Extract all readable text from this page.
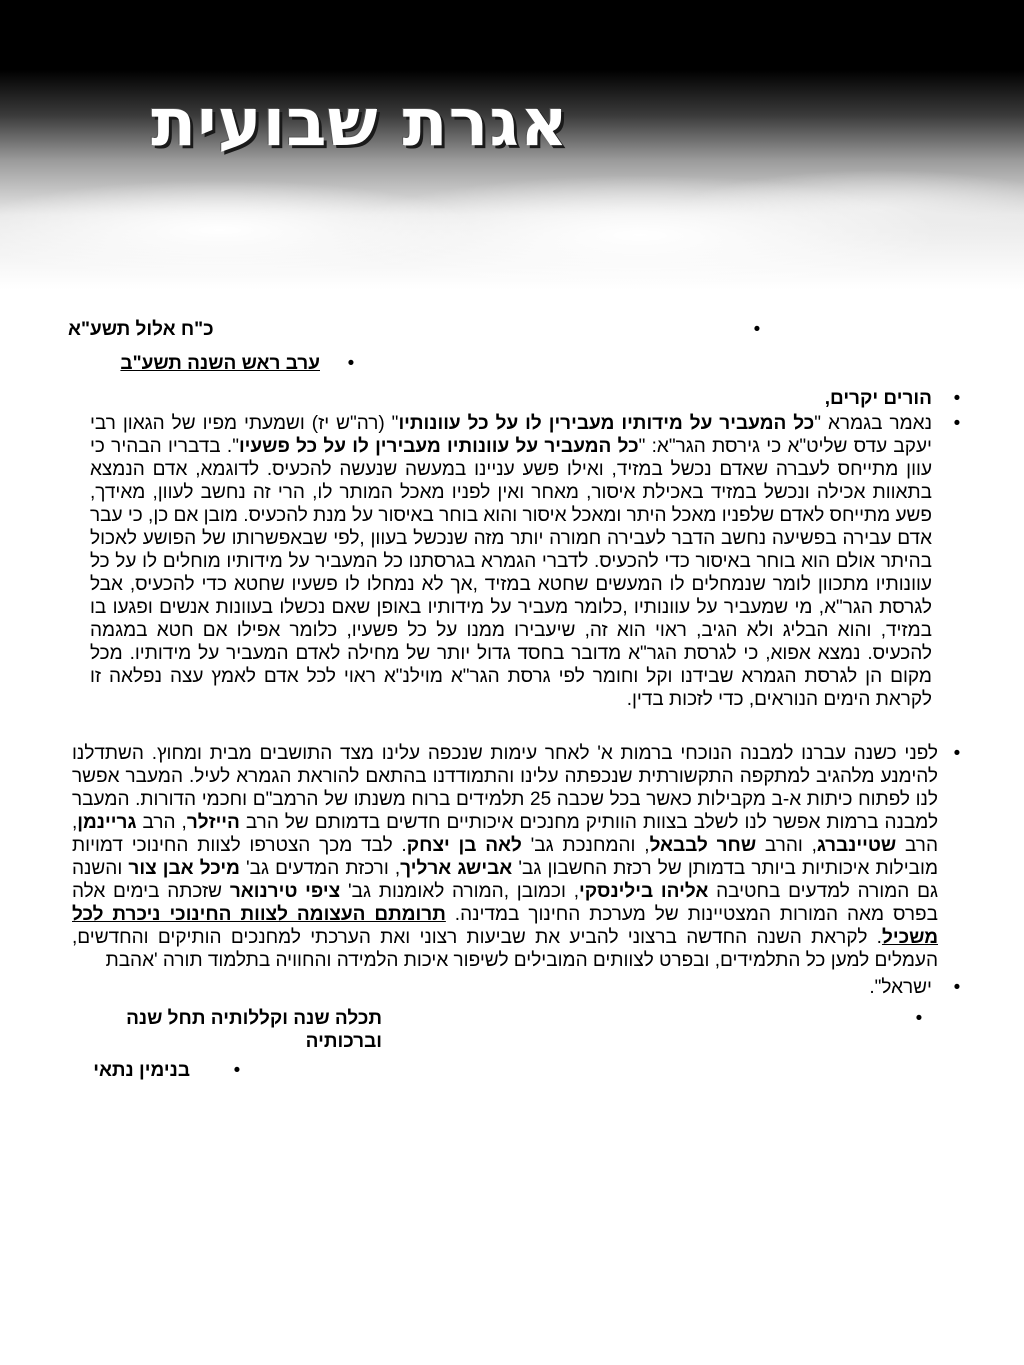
אגרת שבועית
•
כ"ח אלול תשע"א
•
ערב ראש השנה תשע"ב
•
הורים יקרים,
•
נאמר בגמרא "כל המעביר על מידותיו מעבירין לו על כל עוונותיו" (רה"ש יז) ושמעתי מפיו של הגאון רבי יעקב עדס שליט"א כי גירסת הגר"א: "כל המעביר על עוונותיו מעבירין לו על כל פשעיו". בדבריו הבהיר כי עוון מתייחס לעברה שאדם נכשל במזיד, ואילו פשע עניינו במעשה שנעשה להכעיס. לדוגמא, אדם הנמצא בתאוות אכילה ונכשל במזיד באכילת איסור, מאחר ואין לפניו מאכל המותר לו, הרי זה נחשב לעוון, מאידך, פשע מתייחס לאדם שלפניו מאכל היתר ומאכל איסור והוא בוחר באיסור על מנת להכעיס. מובן אם כן, כי עבר אדם עבירה בפשיעה נחשב הדבר לעבירה חמורה יותר מזה שנכשל בעוון ,לפי שבאפשרותו של הפושע לאכול בהיתר אולם הוא בוחר באיסור כדי להכעיס. לדברי הגמרא בגרסתנו כל המעביר על מידותיו מוחלים לו על כל עוונותיו מתכוון לומר שנמחלים לו המעשים שחטא במזיד ,אך לא נמחלו לו פשעיו שחטא כדי להכעיס, אבל לגרסת הגר"א, מי שמעביר על עוונותיו ,כלומר מעביר על מידותיו באופן שאם נכשלו בעוונות אנשים ופגעו בו במזיד, והוא הבליג ולא הגיב, ראוי הוא זה, שיעבירו ממנו על כל פשעיו, כלומר אפילו אם חטא במגמה להכעיס. נמצא אפוא, כי לגרסת הגר"א מדובר בחסד גדול יותר של מחילה לאדם המעביר על מידותיו. מכל מקום הן לגרסת הגמרא שבידנו וקל וחומר לפי גרסת הגר"א מוילנ"א ראוי לכל אדם לאמץ עצה נפלאה זו לקראת הימים הנוראים, כדי לזכות בדין.
•
לפני כשנה עברנו למבנה הנוכחי ברמות א' לאחר עימות שנכפה עלינו מצד התושבים מבית ומחוץ. השתדלנו להימנע מלהגיב למתקפה התקשורתית שנכפתה עלינו והתמודדנו בהתאם להוראת הגמרא לעיל. המעבר אפשר לנו לפתוח כיתות א-ב מקבילות כאשר בכל שכבה 25 תלמידים ברוח משנתו של הרמב"ם וחכמי הדורות. המעבר למבנה ברמות אפשר לנו לשלב בצוות הוותיק מחנכים איכותיים חדשים בדמותם של הרב הייזלר, הרב גריינמן, הרב שטיינברג, והרב שחר לבבאל, והמחנכת גב' לאה בן יצחק. לבד מכך הצטרפו לצוות החינוכי דמויות מובילות איכותיות ביותר בדמותן של רכזת החשבון גב' אבישג ארליך, ורכזת המדעים גב' מיכל אבן צור והשנה גם המורה למדעים בחטיבה אליהו בילינסקי, וכמובן ,המורה לאומנות גב' ציפי טירנואר שזכתה בימים אלה בפרס מאה המורות המצטיינות של מערכת החינוך במדינה. תרומתם העצומה לצוות החינוכי ניכרת לכל משכיל. לקראת השנה החדשה ברצוני להביע את שביעות רצוני ואת הערכתי למחנכים הותיקים והחדשים, העמלים למען כל התלמידים, ובפרט לצוותים המובילים לשיפור איכות הלמידה והחוויה בתלמוד תורה 'אהבת
•
ישראל".
•
תכלה שנה וקללותיה תחל שנה וברכותיה
•
בנימין נתאי
